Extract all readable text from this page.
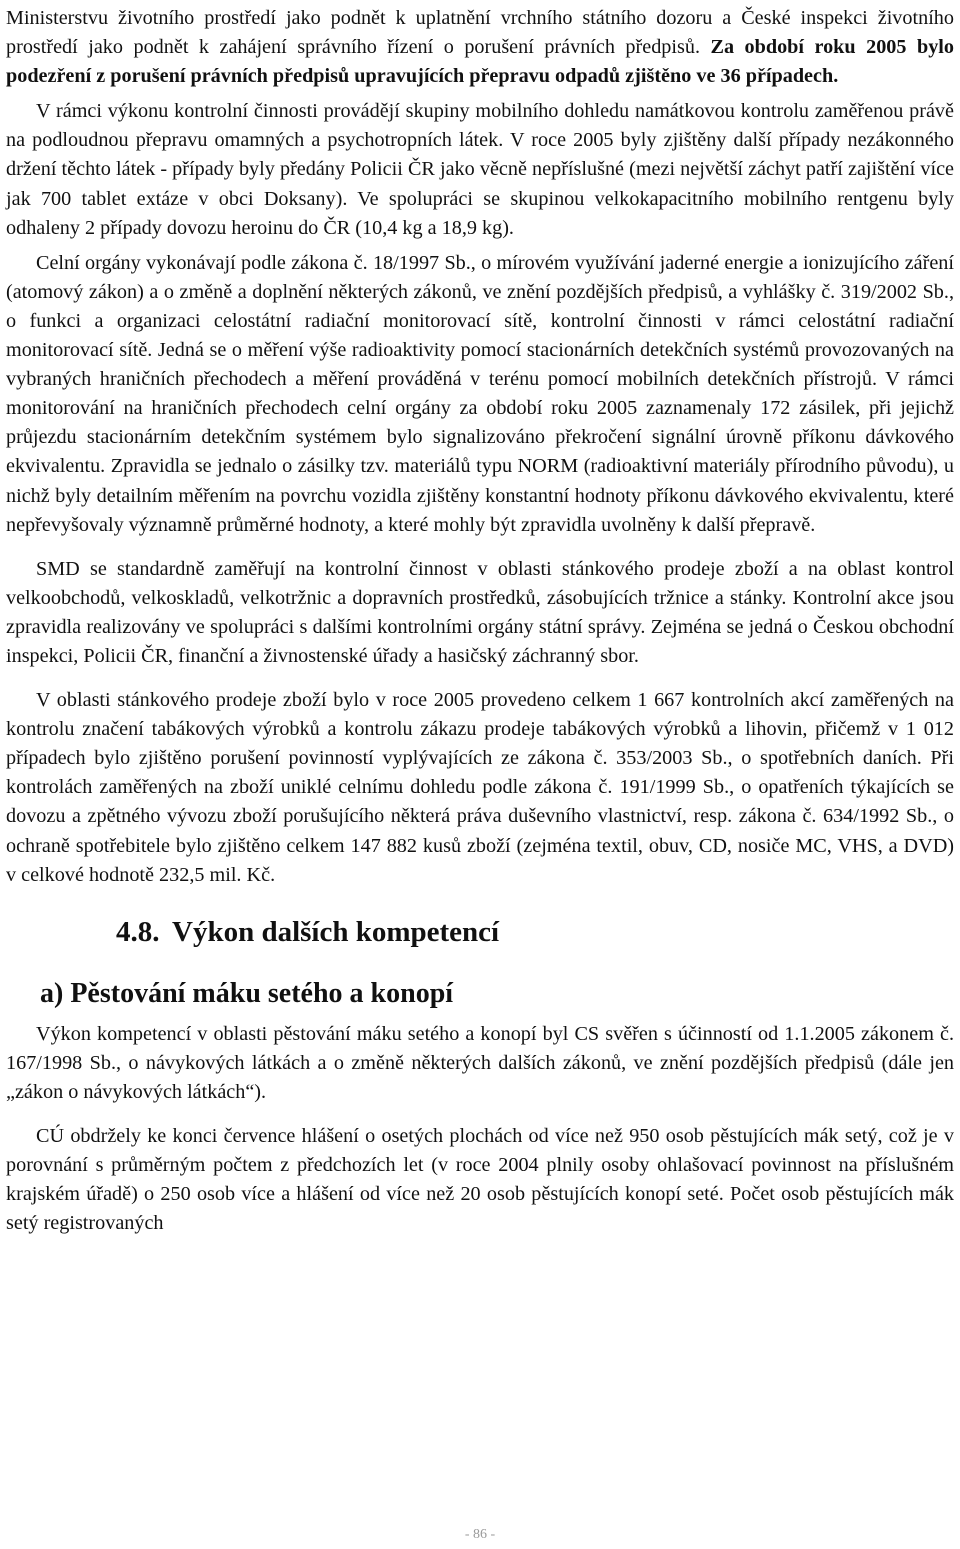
Ministerstvu životního prostředí jako podnět k uplatnění vrchního státního dozoru a České inspekci životního prostředí jako podnět k zahájení správního řízení o porušení právních předpisů. Za období roku 2005 bylo podezření z porušení právních předpisů upravujících přepravu odpadů zjištěno ve 36 případech.

V rámci výkonu kontrolní činnosti provádějí skupiny mobilního dohledu namátkovou kontrolu zaměřenou právě na podloudnou přepravu omamných a psychotropních látek. V roce 2005 byly zjištěny další případy nezákonného držení těchto látek - případy byly předány Policii ČR jako věcně nepříslušné (mezi největší záchyt patří zajištění více jak 700 tablet extáze v obci Doksany). Ve spolupráci se skupinou velkokapacitního mobilního rentgenu byly odhaleny 2 případy dovozu heroinu do ČR (10,4 kg a 18,9 kg).

Celní orgány vykonávají podle zákona č. 18/1997 Sb., o mírovém využívání jaderné energie a ionizujícího záření (atomový zákon) a o změně a doplnění některých zákonů, ve znění pozdějších předpisů, a vyhlášky č. 319/2002 Sb., o funkci a organizaci celostátní radiační monitorovací sítě, kontrolní činnosti v rámci celostátní radiační monitorovací sítě. Jedná se o měření výše radioaktivity pomocí stacionárních detekčních systémů provozovaných na vybraných hraničních přechodech a měření prováděná v terénu pomocí mobilních detekčních přístrojů. V rámci monitorování na hraničních přechodech celní orgány za období roku 2005 zaznamenaly 172 zásilek, při jejichž průjezdu stacionárním detekčním systémem bylo signalizováno překročení signální úrovně příkonu dávkového ekvivalentu. Zpravidla se jednalo o zásilky tzv. materiálů typu NORM (radioaktivní materiály přírodního původu), u nichž byly detailním měřením na povrchu vozidla zjištěny konstantní hodnoty příkonu dávkového ekvivalentu, které nepřevyšovaly významně průměrné hodnoty, a které mohly být zpravidla uvolněny k další přepravě.

SMD se standardně zaměřují na kontrolní činnost v oblasti stánkového prodeje zboží a na oblast kontrol velkoobchodů, velkoskladů, velkotržnic a dopravních prostředků, zásobujících tržnice a stánky. Kontrolní akce jsou zpravidla realizovány ve spolupráci s dalšími kontrolními orgány státní správy. Zejména se jedná o Českou obchodní inspekci, Policii ČR, finanční a živnostenské úřady a hasičský záchranný sbor.

V oblasti stánkového prodeje zboží bylo v roce 2005 provedeno celkem 1 667 kontrolních akcí zaměřených na kontrolu značení tabákových výrobků a kontrolu zákazu prodeje tabákových výrobků a lihovin, přičemž v 1 012 případech bylo zjištěno porušení povinností vyplývajících ze zákona č. 353/2003 Sb., o spotřebních daních. Při kontrolách zaměřených na zboží uniklé celnímu dohledu podle zákona č. 191/1999 Sb., o opatřeních týkajících se dovozu a zpětného vývozu zboží porušujícího některá práva duševního vlastnictví, resp. zákona č. 634/1992 Sb., o ochraně spotřebitele bylo zjištěno celkem 147 882 kusů zboží (zejména textil, obuv, CD, nosiče MC, VHS, a DVD) v celkové hodnotě 232,5 mil. Kč.

4.8. Výkon dalších kompetencí
a) Pěstování máku setého a konopí

Výkon kompetencí v oblasti pěstování máku setého a konopí byl CS svěřen s účinností od 1.1.2005 zákonem č. 167/1998 Sb., o návykových látkách a o změně některých dalších zákonů, ve znění pozdějších předpisů (dále jen „zákon o návykových látkách“).

CÚ obdržely ke konci července hlášení o osetých plochách od více než 950 osob pěstujících mák setý, což je v porovnání s průměrným počtem z předchozích let (v roce 2004 plnily osoby ohlašovací povinnost na příslušném krajském úřadě) o 250 osob více a hlášení od více než 20 osob pěstujících konopí seté. Počet osob pěstujících mák setý registrovaných

- 86 -
